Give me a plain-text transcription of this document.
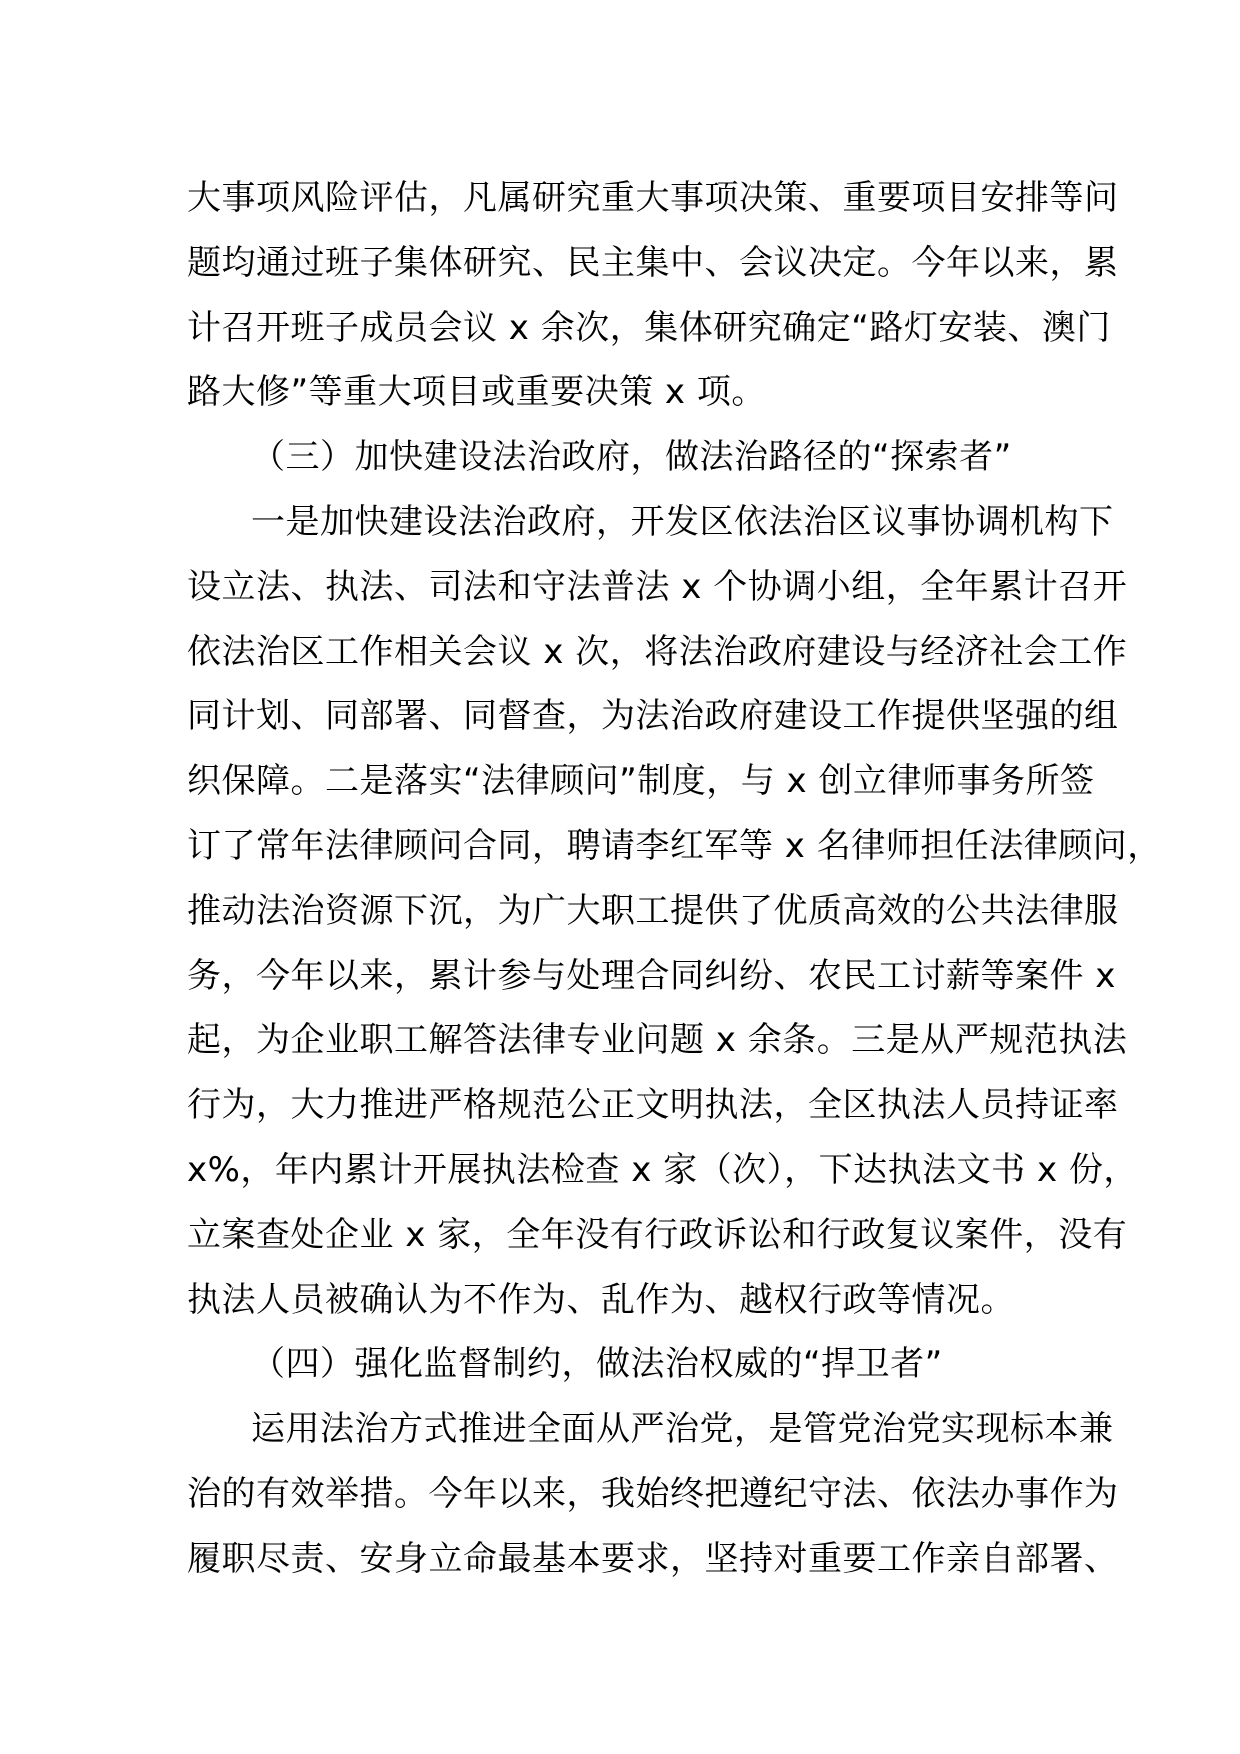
大事项风险评估，凡属研究重大事项决策、重要项目安排等问
题均通过班子集体研究、民主集中、会议决定。今年以来，累
计召开班子成员会议 x 余次，集体研究确定“路灯安装、澳门
路大修”等重大项目或重要决策 x 项。
（三）加快建设法治政府，做法治路径的“探索者”
一是加快建设法治政府，开发区依法治区议事协调机构下
设立法、执法、司法和守法普法 x 个协调小组，全年累计召开
依法治区工作相关会议 x 次，将法治政府建设与经济社会工作
同计划、同部署、同督查，为法治政府建设工作提供坚强的组
织保障。二是落实“法律顾问”制度，与 x 创立律师事务所签
订了常年法律顾问合同，聘请李红军等 x 名律师担任法律顾问，
推动法治资源下沉，为广大职工提供了优质高效的公共法律服
务，今年以来，累计参与处理合同纠纷、农民工讨薪等案件 x
起，为企业职工解答法律专业问题 x 余条。三是从严规范执法
行为，大力推进严格规范公正文明执法，全区执法人员持证率
x%，年内累计开展执法检查 x 家（次），下达执法文书 x 份，
立案查处企业 x 家，全年没有行政诉讼和行政复议案件，没有
执法人员被确认为不作为、乱作为、越权行政等情况。
（四）强化监督制约，做法治权威的“捍卫者”
运用法治方式推进全面从严治党，是管党治党实现标本兼
治的有效举措。今年以来，我始终把遵纪守法、依法办事作为
履职尽责、安身立命最基本要求，坚持对重要工作亲自部署、
